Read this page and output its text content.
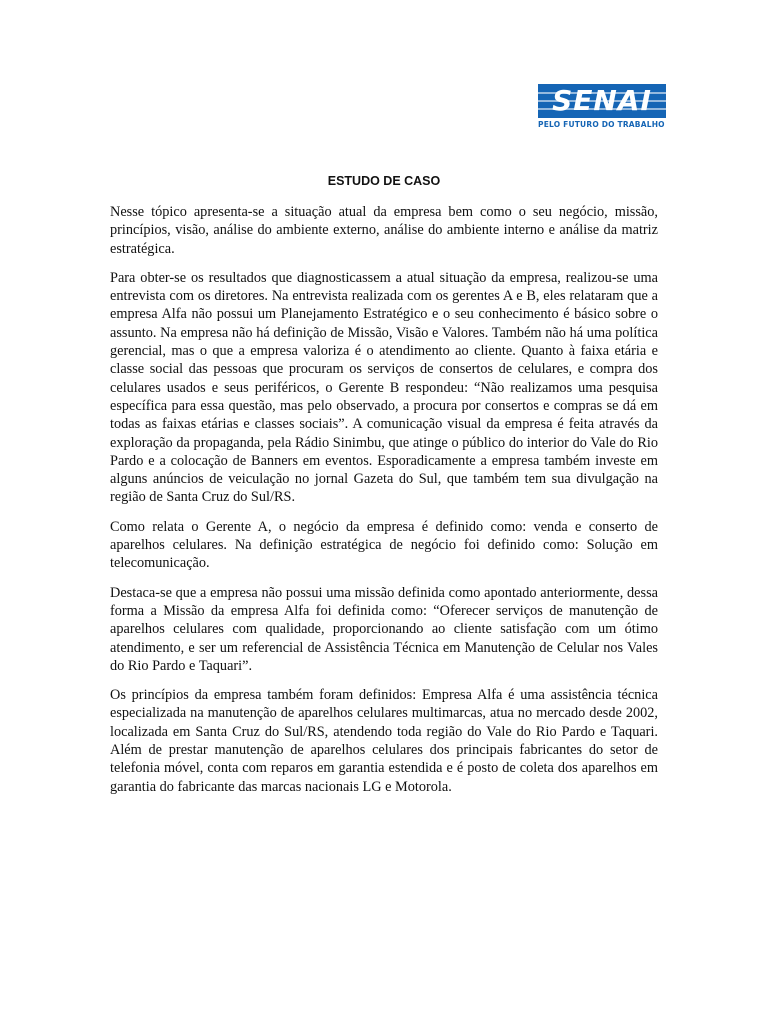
SENAI
PELO FUTURO DO TRABALHO
ESTUDO DE CASO

Nesse tópico apresenta-se a situação atual da empresa bem como o seu negócio, missão, princípios, visão, análise do ambiente externo, análise do ambiente interno e análise da matriz estratégica.

Para obter-se os resultados que diagnosticassem a atual situação da empresa, realizou-se uma entrevista com os diretores. Na entrevista realizada com os gerentes A e B, eles relataram que a empresa Alfa não possui um Planejamento Estratégico e o seu conhecimento é básico sobre o assunto. Na empresa não há definição de Missão, Visão e Valores. Também não há uma política gerencial, mas o que a empresa valoriza é o atendimento ao cliente. Quanto à faixa etária e classe social das pessoas que procuram os serviços de consertos de celulares, e compra dos celulares usados e seus periféricos, o Gerente B respondeu: “Não realizamos uma pesquisa específica para essa questão, mas pelo observado, a procura por consertos e compras se dá em todas as faixas etárias e classes sociais”. A comunicação visual da empresa é feita através da exploração da propaganda, pela Rádio Sinimbu, que atinge o público do interior do Vale do Rio Pardo e a colocação de Banners em eventos. Esporadicamente a empresa também investe em alguns anúncios de veiculação no jornal Gazeta do Sul, que também tem sua divulgação na região de Santa Cruz do Sul/RS.

Como relata o Gerente A, o negócio da empresa é definido como: venda e conserto de aparelhos celulares. Na definição estratégica de negócio foi definido como: Solução em telecomunicação.

Destaca-se que a empresa não possui uma missão definida como apontado anteriormente, dessa forma a Missão da empresa Alfa foi definida como: “Oferecer serviços de manutenção de aparelhos celulares com qualidade, proporcionando ao cliente satisfação com um ótimo atendimento, e ser um referencial de Assistência Técnica em Manutenção de Celular nos Vales do Rio Pardo e Taquari”.

Os princípios da empresa também foram definidos: Empresa Alfa é uma assistência técnica especializada na manutenção de aparelhos celulares multimarcas, atua no mercado desde 2002, localizada em Santa Cruz do Sul/RS, atendendo toda região do Vale do Rio Pardo e Taquari. Além de prestar manutenção de aparelhos celulares dos principais fabricantes do setor de telefonia móvel, conta com reparos em garantia estendida e é posto de coleta dos aparelhos em garantia do fabricante das marcas nacionais LG e Motorola.
